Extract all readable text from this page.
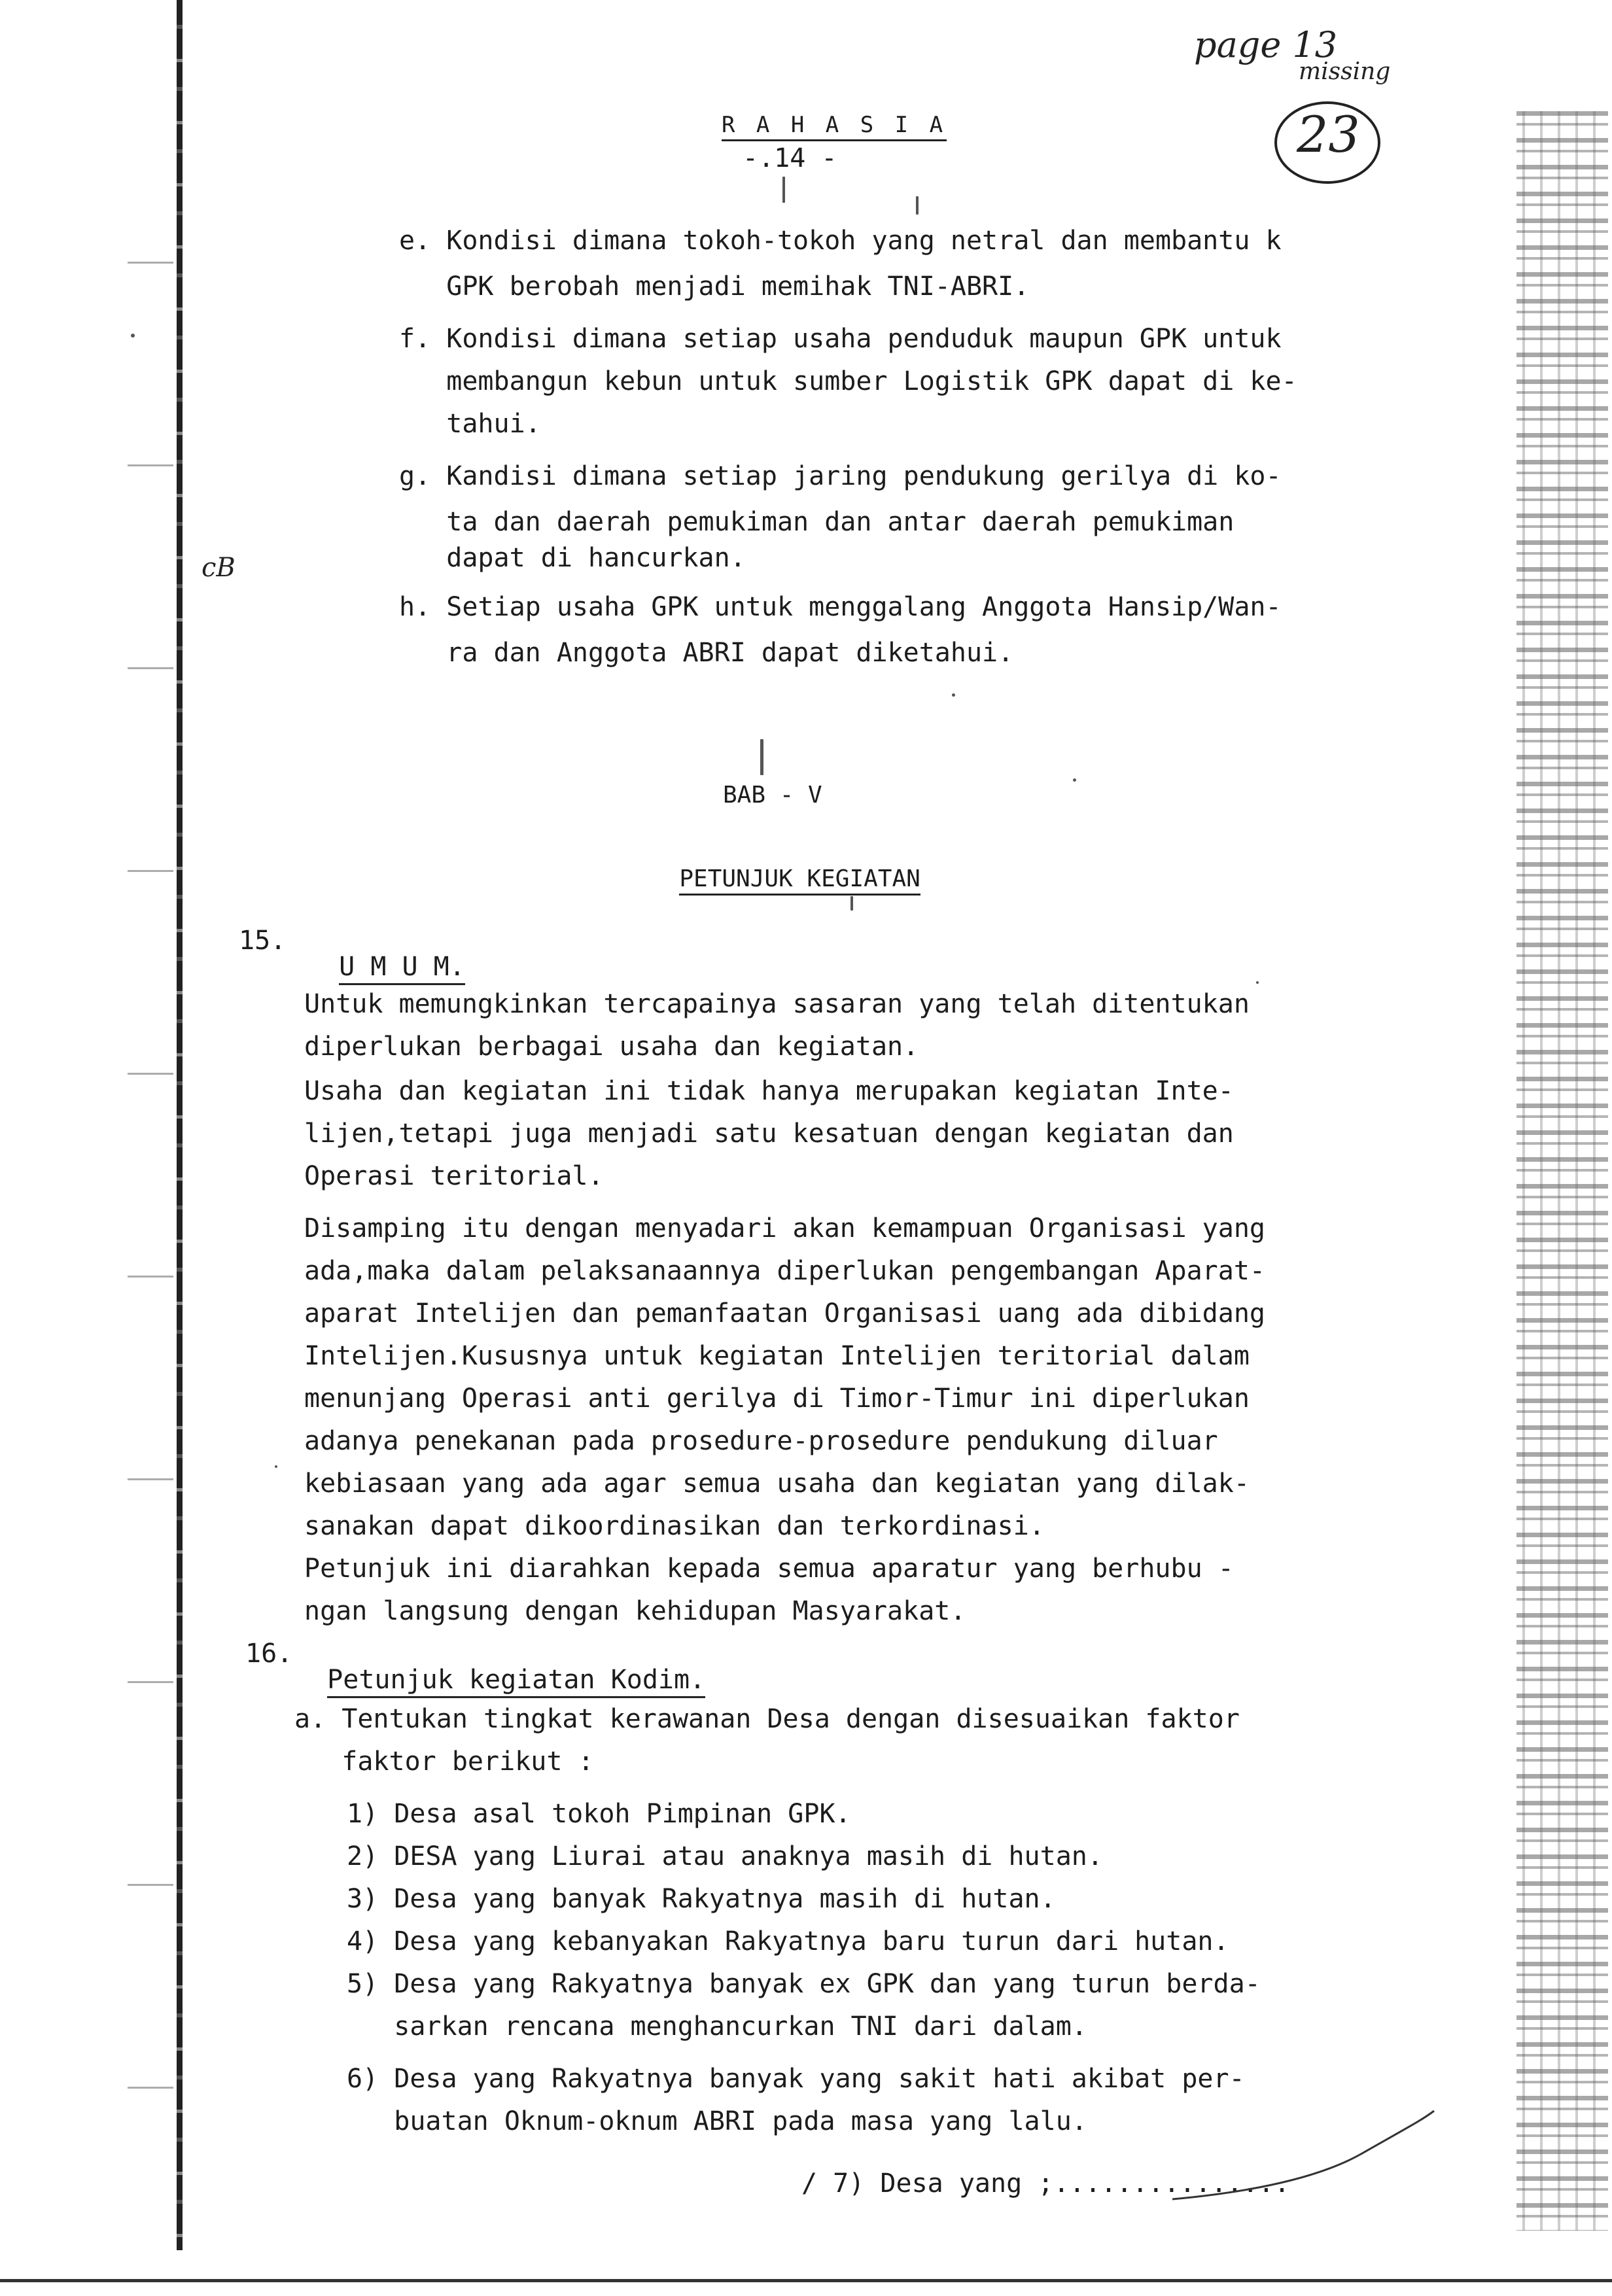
page 13
missing
23
cB

R A H A S I A

-.14 -
e. Kondisi dimana tokoh-tokoh yang netral dan membantu k
GPK berobah menjadi memihak TNI-ABRI.
f. Kondisi dimana setiap usaha penduduk maupun GPK untuk
membangun kebun untuk sumber Logistik GPK dapat di ke-
tahui.
g. Kandisi dimana setiap jaring pendukung gerilya di ko-
ta dan daerah pemukiman dan antar daerah pemukiman
dapat di hancurkan.
h. Setiap usaha GPK untuk menggalang Anggota Hansip/Wan-
ra dan Anggota ABRI dapat diketahui.
BAB - V

PETUNJUK KEGIATAN

15.

U M U M.

Untuk memungkinkan tercapainya sasaran yang telah ditentukan
diperlukan berbagai usaha dan kegiatan.
Usaha dan kegiatan ini tidak hanya merupakan kegiatan Inte-
lijen,tetapi juga menjadi satu kesatuan dengan kegiatan dan
Operasi teritorial.
Disamping itu dengan menyadari akan kemampuan Organisasi yang
ada,maka dalam pelaksanaannya diperlukan pengembangan Aparat-
aparat Intelijen dan pemanfaatan Organisasi uang ada dibidang
Intelijen.Kususnya untuk kegiatan Intelijen teritorial dalam
menunjang Operasi anti gerilya di Timor-Timur ini diperlukan
adanya penekanan pada prosedure-prosedure pendukung diluar
kebiasaan yang ada agar semua usaha dan kegiatan yang dilak-
sanakan dapat dikoordinasikan dan terkordinasi.
Petunjuk ini diarahkan kepada semua aparatur yang berhubu -
ngan langsung dengan kehidupan Masyarakat.
16.

Petunjuk kegiatan Kodim.

a. Tentukan tingkat kerawanan Desa dengan disesuaikan faktor
faktor berikut :
1) Desa asal tokoh Pimpinan GPK.
2) DESA yang Liurai atau anaknya masih di hutan.
3) Desa yang banyak Rakyatnya masih di hutan.
4) Desa yang kebanyakan Rakyatnya baru turun dari hutan.
5) Desa yang Rakyatnya banyak ex GPK dan yang turun berda-
sarkan rencana menghancurkan TNI dari dalam.
6) Desa yang Rakyatnya banyak yang sakit hati akibat per-
buatan Oknum-oknum ABRI pada masa yang lalu.
/ 7) Desa yang ;...............
